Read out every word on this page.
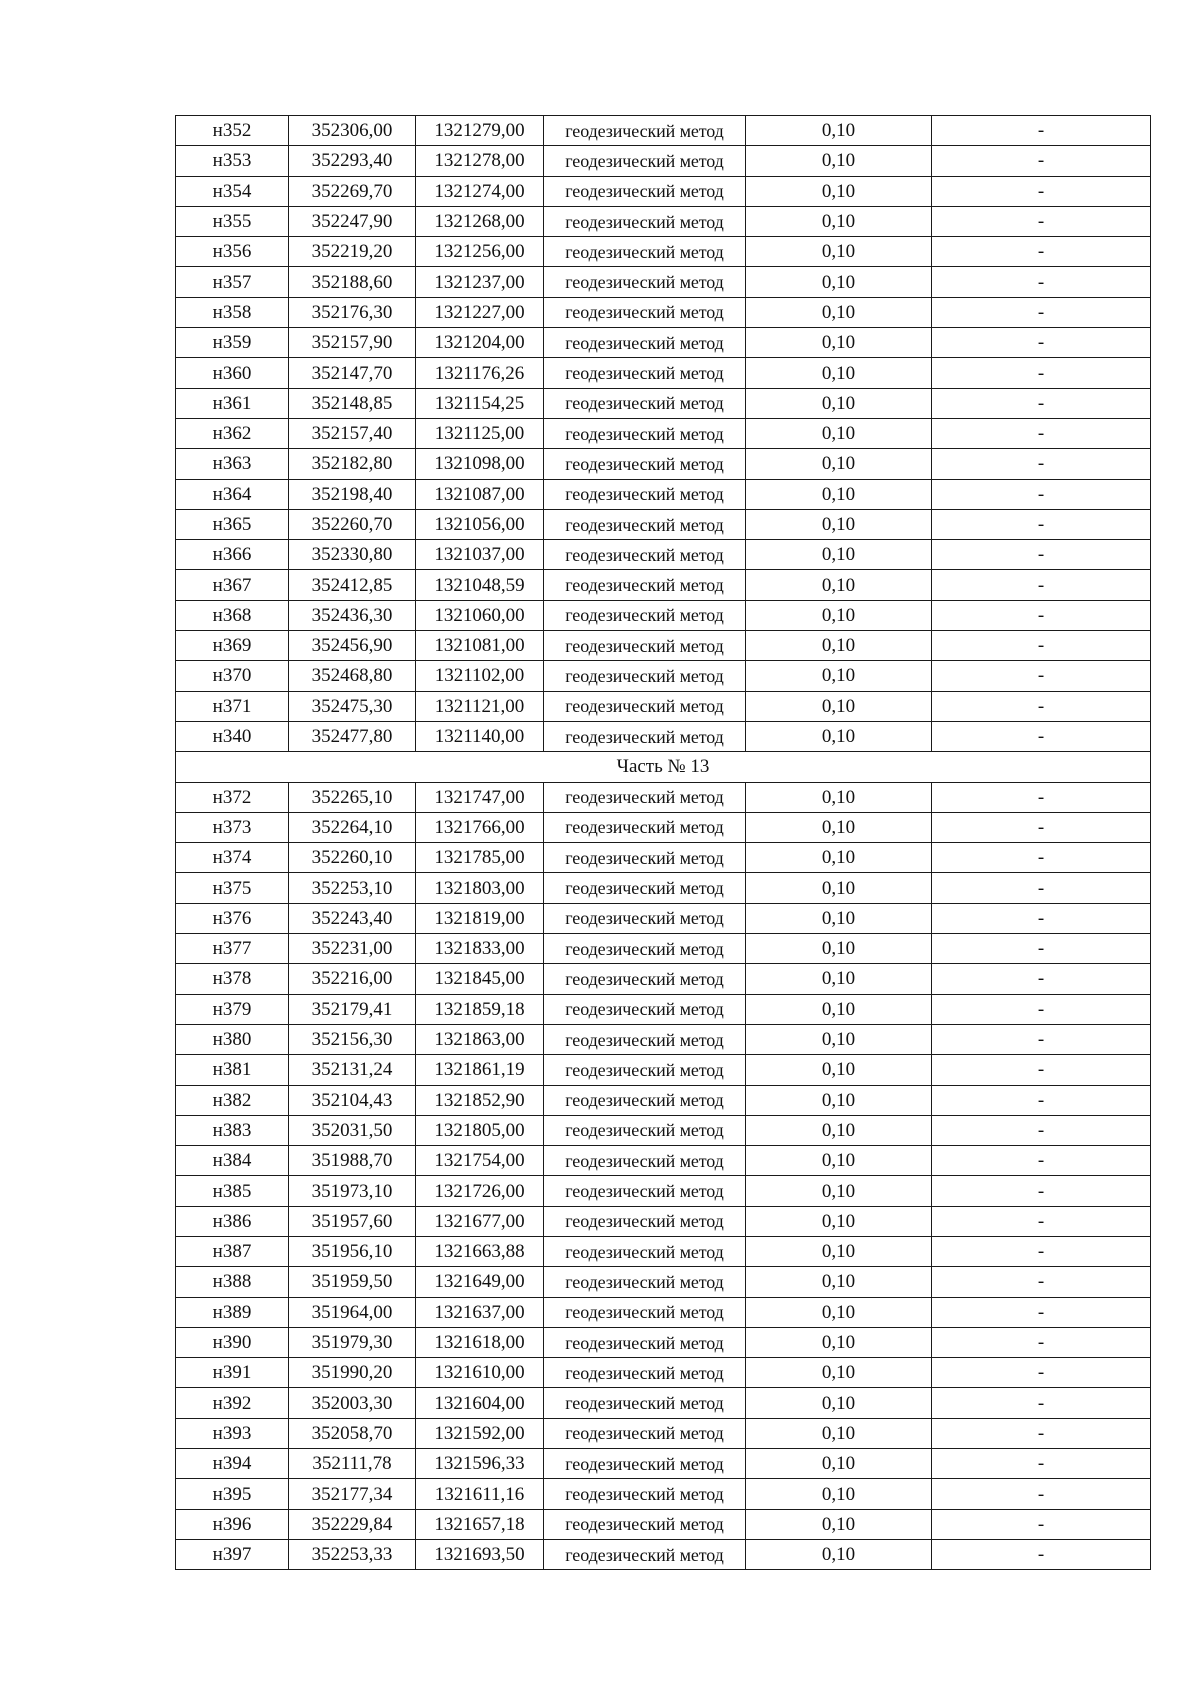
н352	352306,00	1321279,00	геодезический метод	0,10	-
н353	352293,40	1321278,00	геодезический метод	0,10	-
н354	352269,70	1321274,00	геодезический метод	0,10	-
н355	352247,90	1321268,00	геодезический метод	0,10	-
н356	352219,20	1321256,00	геодезический метод	0,10	-
н357	352188,60	1321237,00	геодезический метод	0,10	-
н358	352176,30	1321227,00	геодезический метод	0,10	-
н359	352157,90	1321204,00	геодезический метод	0,10	-
н360	352147,70	1321176,26	геодезический метод	0,10	-
н361	352148,85	1321154,25	геодезический метод	0,10	-
н362	352157,40	1321125,00	геодезический метод	0,10	-
н363	352182,80	1321098,00	геодезический метод	0,10	-
н364	352198,40	1321087,00	геодезический метод	0,10	-
н365	352260,70	1321056,00	геодезический метод	0,10	-
н366	352330,80	1321037,00	геодезический метод	0,10	-
н367	352412,85	1321048,59	геодезический метод	0,10	-
н368	352436,30	1321060,00	геодезический метод	0,10	-
н369	352456,90	1321081,00	геодезический метод	0,10	-
н370	352468,80	1321102,00	геодезический метод	0,10	-
н371	352475,30	1321121,00	геодезический метод	0,10	-
н340	352477,80	1321140,00	геодезический метод	0,10	-
Часть № 13					
н372	352265,10	1321747,00	геодезический метод	0,10	-
н373	352264,10	1321766,00	геодезический метод	0,10	-
н374	352260,10	1321785,00	геодезический метод	0,10	-
н375	352253,10	1321803,00	геодезический метод	0,10	-
н376	352243,40	1321819,00	геодезический метод	0,10	-
н377	352231,00	1321833,00	геодезический метод	0,10	-
н378	352216,00	1321845,00	геодезический метод	0,10	-
н379	352179,41	1321859,18	геодезический метод	0,10	-
н380	352156,30	1321863,00	геодезический метод	0,10	-
н381	352131,24	1321861,19	геодезический метод	0,10	-
н382	352104,43	1321852,90	геодезический метод	0,10	-
н383	352031,50	1321805,00	геодезический метод	0,10	-
н384	351988,70	1321754,00	геодезический метод	0,10	-
н385	351973,10	1321726,00	геодезический метод	0,10	-
н386	351957,60	1321677,00	геодезический метод	0,10	-
н387	351956,10	1321663,88	геодезический метод	0,10	-
н388	351959,50	1321649,00	геодезический метод	0,10	-
н389	351964,00	1321637,00	геодезический метод	0,10	-
н390	351979,30	1321618,00	геодезический метод	0,10	-
н391	351990,20	1321610,00	геодезический метод	0,10	-
н392	352003,30	1321604,00	геодезический метод	0,10	-
н393	352058,70	1321592,00	геодезический метод	0,10	-
н394	352111,78	1321596,33	геодезический метод	0,10	-
н395	352177,34	1321611,16	геодезический метод	0,10	-
н396	352229,84	1321657,18	геодезический метод	0,10	-
н397	352253,33	1321693,50	геодезический метод	0,10	-
